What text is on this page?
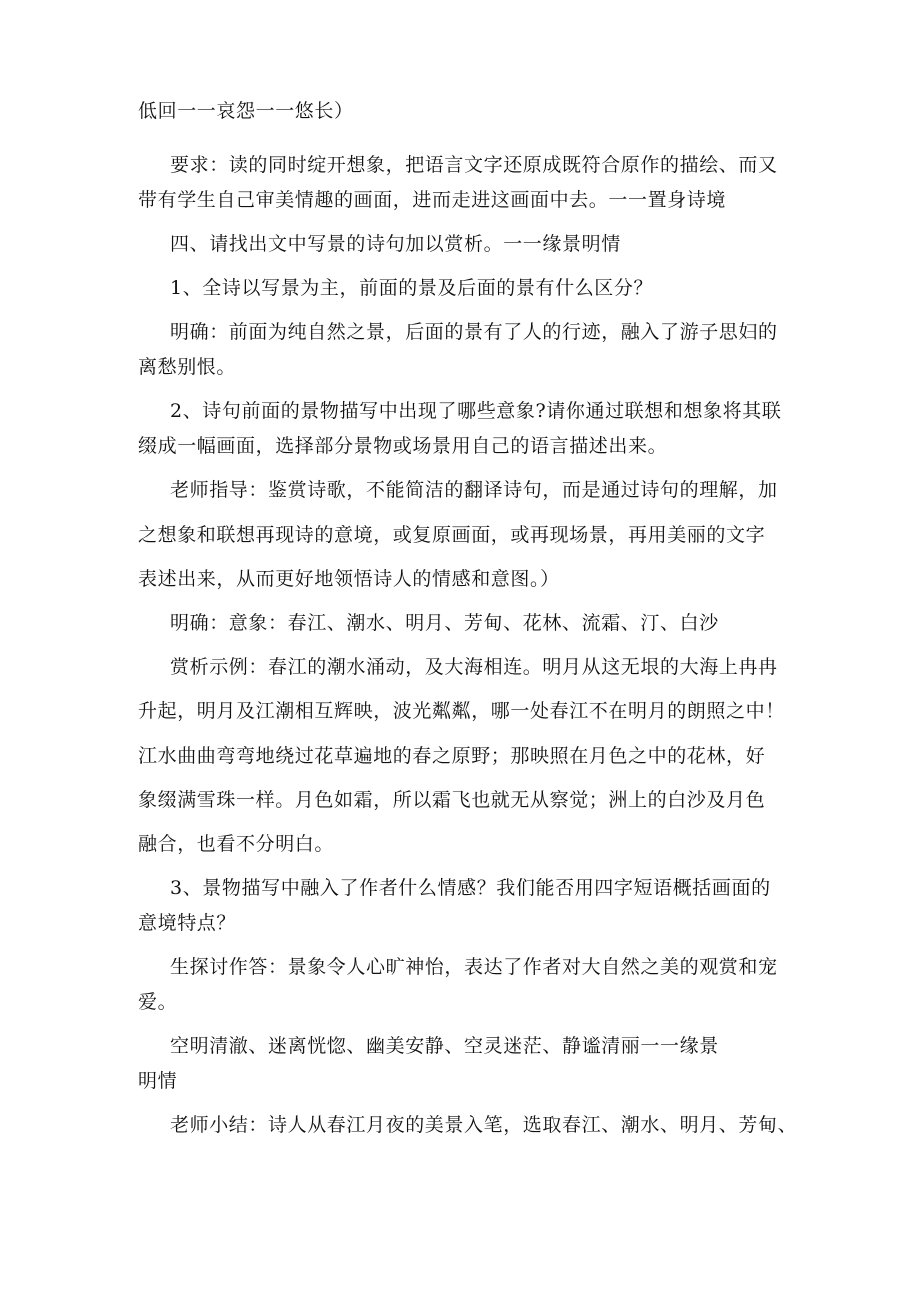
低回一一哀怨一一悠长）

要求：读的同时绽开想象，把语言文字还原成既符合原作的描绘、而又

带有学生自己审美情趣的画面，进而走进这画面中去。一一置身诗境

四、请找出文中写景的诗句加以赏析。一一缘景明情

1、全诗以写景为主，前面的景及后面的景有什么区分？

明确：前面为纯自然之景，后面的景有了人的行迹，融入了游子思妇的

离愁别恨。

2、诗句前面的景物描写中出现了哪些意象?请你通过联想和想象将其联

缀成一幅画面，选择部分景物或场景用自己的语言描述出来。

老师指导：鉴赏诗歌，不能简洁的翻译诗句，而是通过诗句的理解，加

之想象和联想再现诗的意境，或复原画面，或再现场景，再用美丽的文字

表述出来，从而更好地领悟诗人的情感和意图。）

明确：意象：春江、潮水、明月、芳甸、花林、流霜、汀、白沙

赏析示例：春江的潮水涌动，及大海相连。明月从这无垠的大海上冉冉

升起，明月及江潮相互辉映，波光粼粼，哪一处春江不在明月的朗照之中！

江水曲曲弯弯地绕过花草遍地的春之原野；那映照在月色之中的花林，好

象缀满雪珠一样。月色如霜，所以霜飞也就无从察觉；洲上的白沙及月色

融合，也看不分明白。

3、景物描写中融入了作者什么情感？我们能否用四字短语概括画面的

意境特点？

生探讨作答：景象令人心旷神怡，表达了作者对大自然之美的观赏和宠

爱。

空明清澈、迷离恍惚、幽美安静、空灵迷茫、静谧清丽一一缘景

明情

老师小结：诗人从春江月夜的美景入笔，选取春江、潮水、明月、芳甸、
